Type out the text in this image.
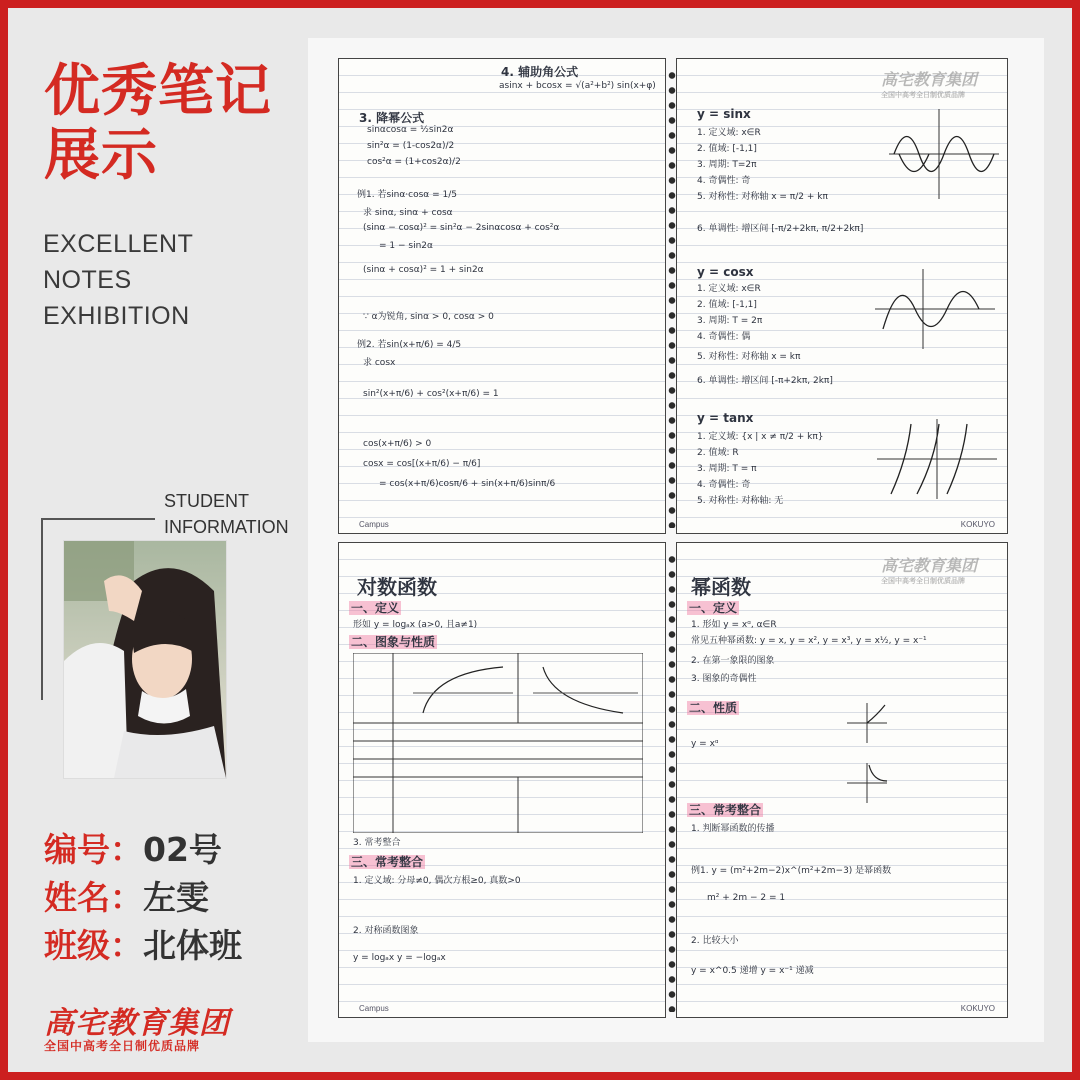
优秀笔记
展示
EXCELLENT
NOTES
EXHIBITION
STUDENT
INFORMATION
编号：02号
姓名：左雯
班级：北体班
高宅教育集团
全国中高考全日制优质品牌
4. 辅助角公式
asinx + bcosx = √(a²+b²) sin(x+φ)
3. 降幂公式
sinαcosα = ½sin2α
sin²α = (1-cos2α)/2
cos²α = (1+cos2α)/2
例1. 若sinα·cosα = 1/5
求 sinα, sinα + cosα
(sinα − cosα)² = sin²α − 2sinαcosα + cos²α
= 1 − sin2α
(sinα + cosα)² = 1 + sin2α
∵ α为锐角, sinα > 0, cosα > 0
例2. 若sin(x+π/6) = 4/5
求 cosx
sin²(x+π/6) + cos²(x+π/6) = 1
cos(x+π/6) > 0
cosx = cos[(x+π/6) − π/6]
= cos(x+π/6)cosπ/6 + sin(x+π/6)sinπ/6
Campus
高宅教育集团
全国中高考全日制优质品牌
y = sinx
1. 定义域: x∈R
2. 值域: [-1,1]
3. 周期: T=2π
4. 奇偶性: 奇
5. 对称性: 对称轴 x = π/2 + kπ
6. 单调性: 增区间 [-π/2+2kπ, π/2+2kπ]
y = cosx
1. 定义域: x∈R
2. 值域: [-1,1]
3. 周期: T = 2π
4. 奇偶性: 偶
5. 对称性: 对称轴 x = kπ
6. 单调性: 增区间 [-π+2kπ, 2kπ]
y = tanx
1. 定义域: {x | x ≠ π/2 + kπ}
2. 值域: R
3. 周期: T = π
4. 奇偶性: 奇
5. 对称性: 对称轴: 无
KOKUYO
对数函数
一、定义
形如 y = logₐx (a>0, 且a≠1)
二、图象与性质
3. 常考整合
三、常考整合
1. 定义域: 分母≠0, 偶次方根≥0, 真数>0
2. 对称函数图象
y = logₐx y = −logₐx
Campus
高宅教育集团
全国中高考全日制优质品牌
幂函数
一、定义
1. 形如 y = xᵅ, α∈R
常见五种幂函数: y = x, y = x², y = x³, y = x½, y = x⁻¹
2. 在第一象限的图象
3. 图象的奇偶性
二、性质
y = xᵅ
三、常考整合
1. 判断幂函数的传播
例1. y = (m²+2m−2)x^(m²+2m−3) 是幂函数
m² + 2m − 2 = 1
2. 比较大小
y = x^0.5 递增 y = x⁻¹ 递减
KOKUYO
